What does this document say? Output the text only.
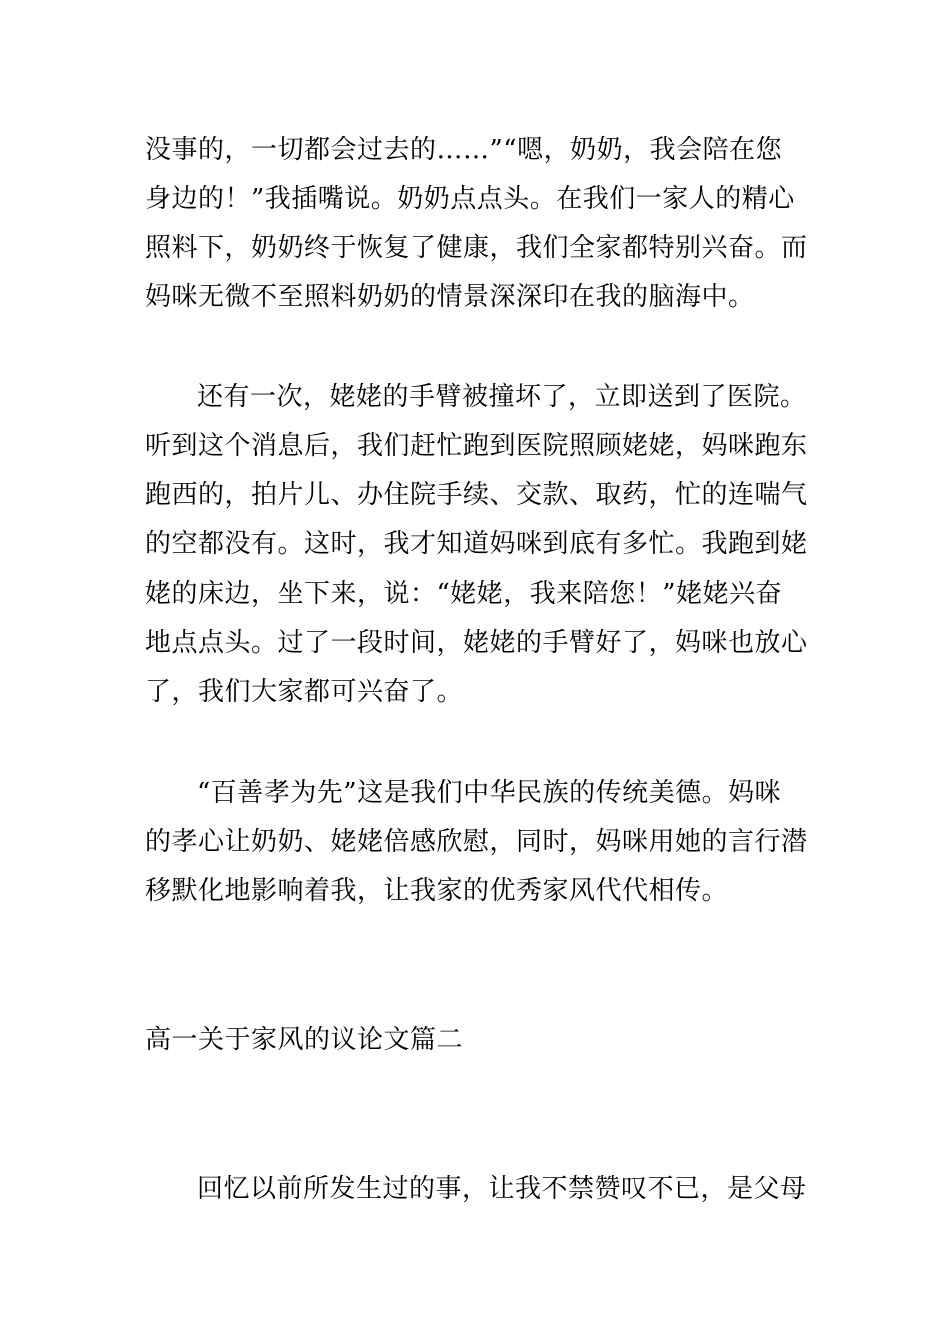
没事的，一切都会过去的……”“嗯，奶奶，我会陪在您
身边的！”我插嘴说。奶奶点点头。在我们一家人的精心
照料下，奶奶终于恢复了健康，我们全家都特别兴奋。而
妈咪无微不至照料奶奶的情景深深印在我的脑海中。
还有一次，姥姥的手臂被撞坏了，立即送到了医院。
听到这个消息后，我们赶忙跑到医院照顾姥姥，妈咪跑东
跑西的，拍片儿、办住院手续、交款、取药，忙的连喘气
的空都没有。这时，我才知道妈咪到底有多忙。我跑到姥
姥的床边，坐下来，说：“姥姥，我来陪您！”姥姥兴奋
地点点头。过了一段时间，姥姥的手臂好了，妈咪也放心
了，我们大家都可兴奋了。
“百善孝为先”这是我们中华民族的传统美德。妈咪
的孝心让奶奶、姥姥倍感欣慰，同时，妈咪用她的言行潜
移默化地影响着我，让我家的优秀家风代代相传。
高一关于家风的议论文篇二
回忆以前所发生过的事，让我不禁赞叹不已，是父母
